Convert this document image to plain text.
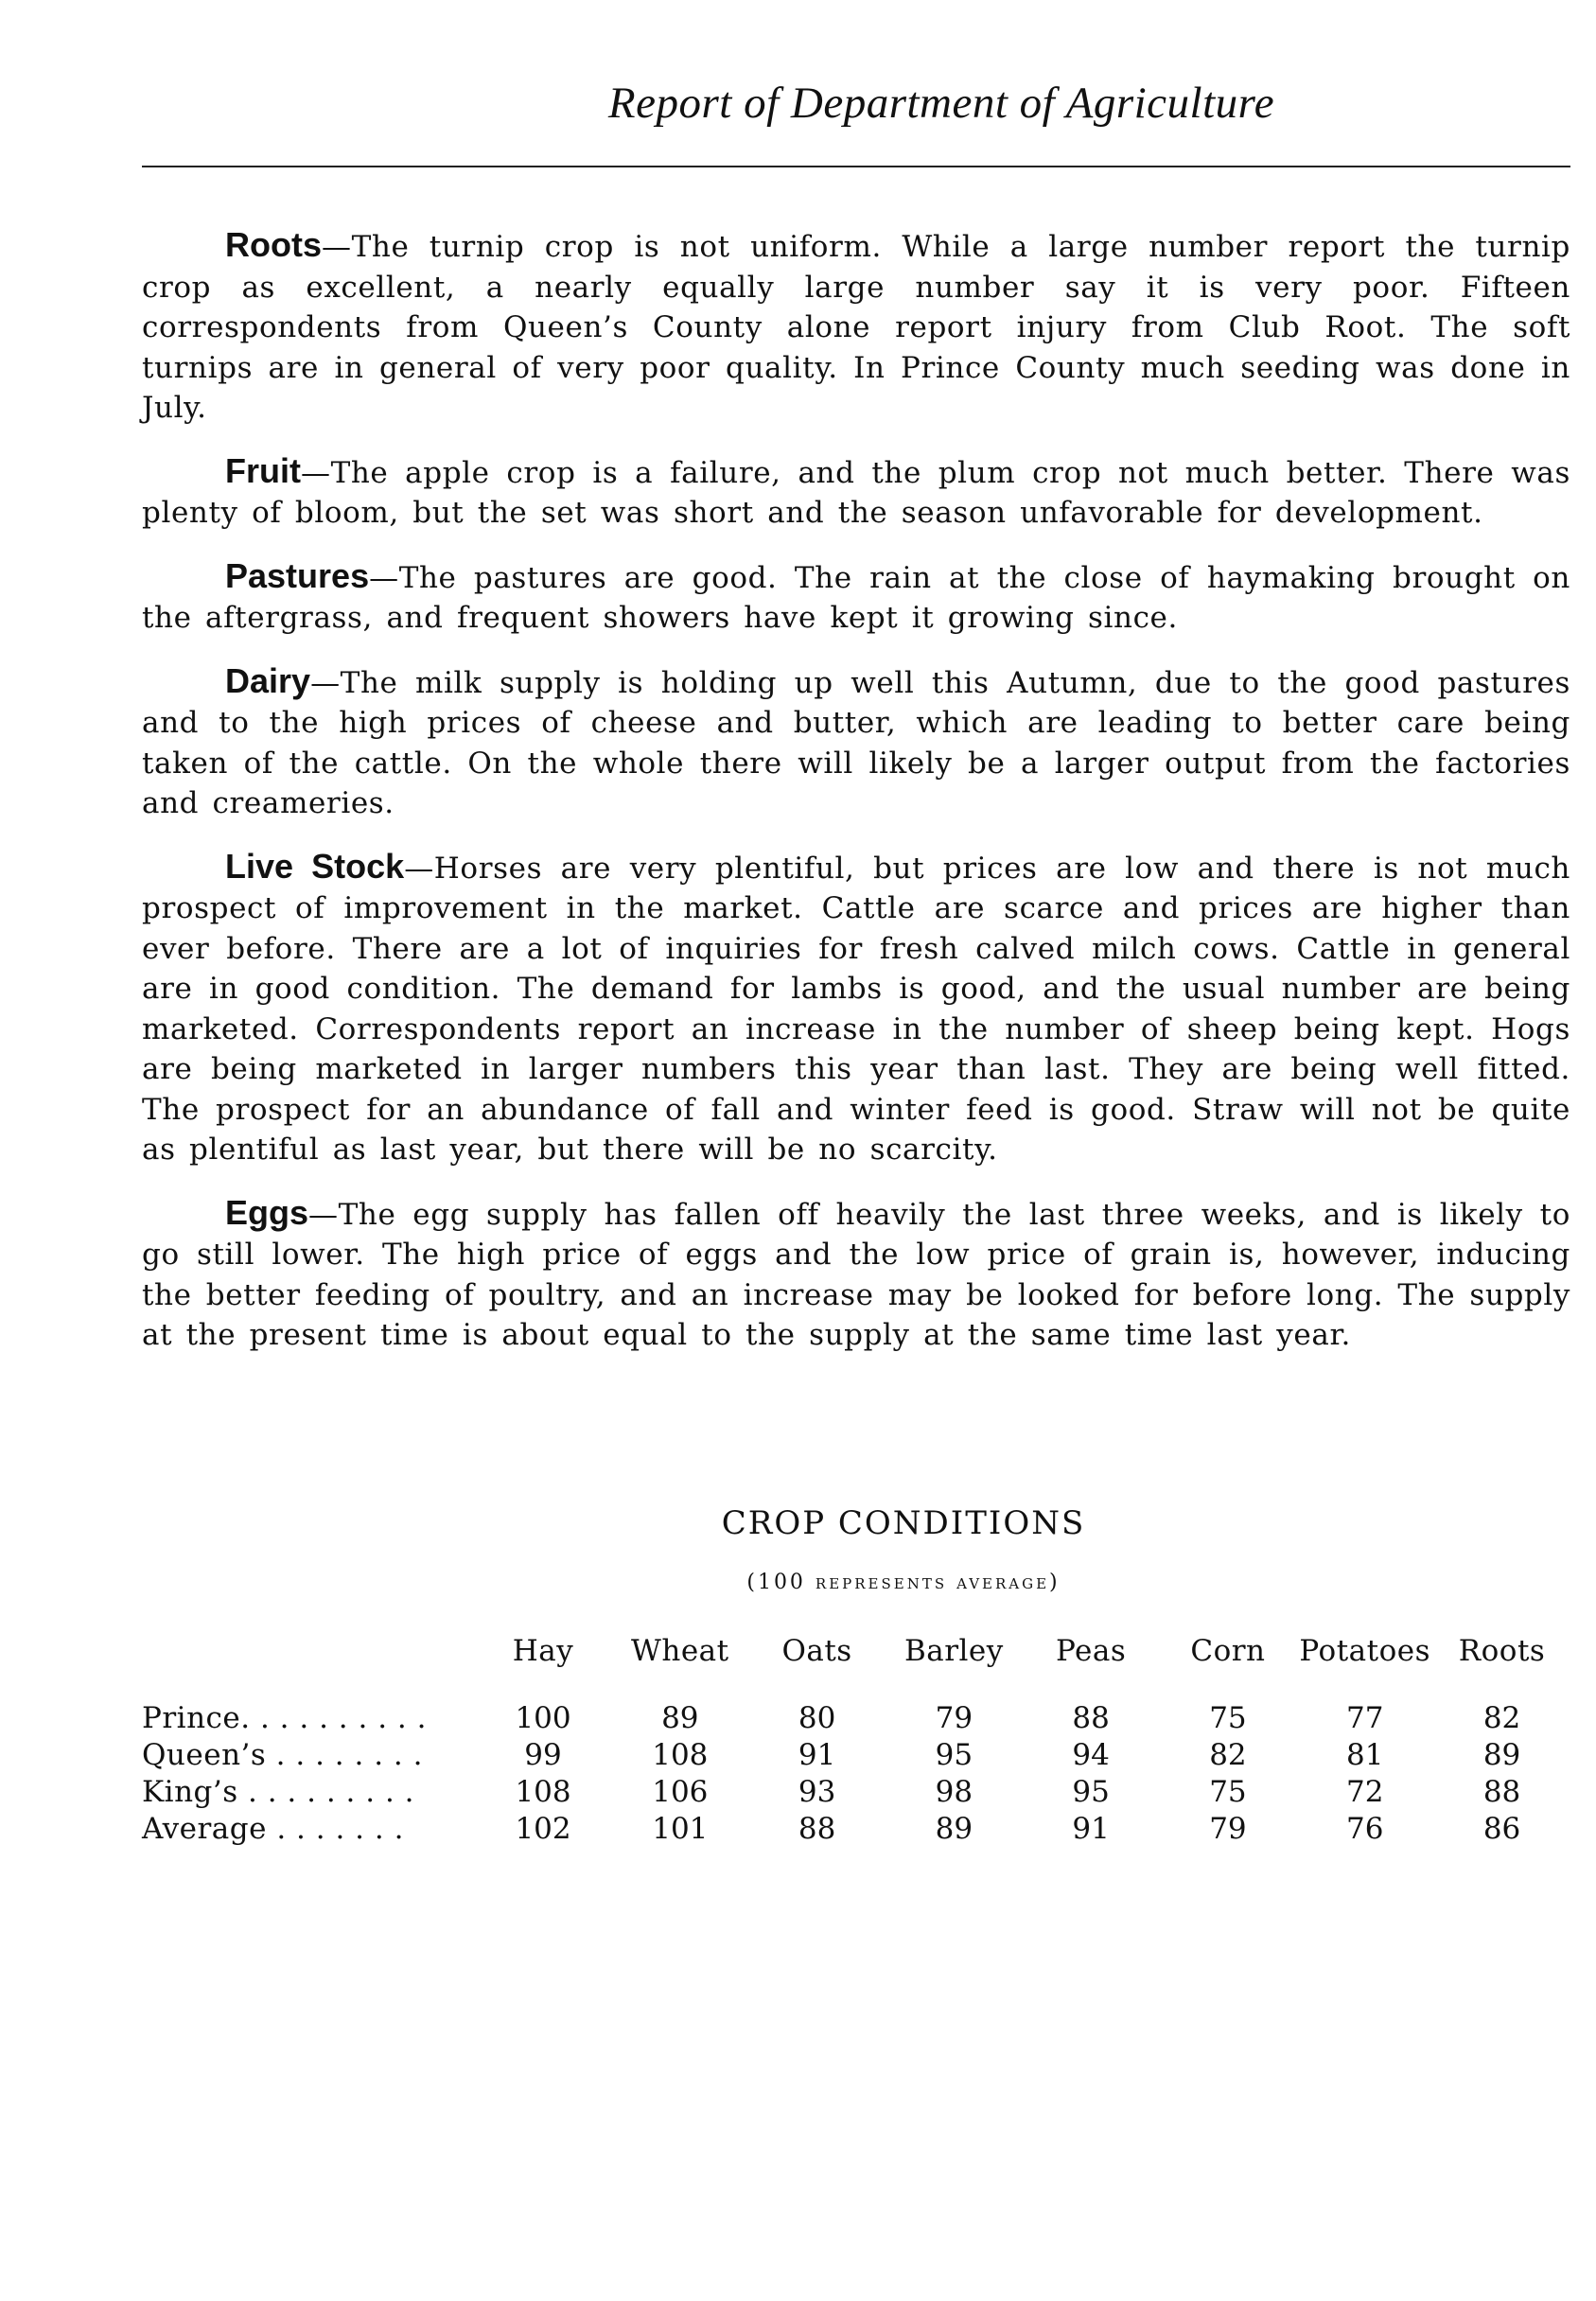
Report of Department of Agriculture

Roots—The turnip crop is not uniform. While a large number report the turnip crop as excellent, a nearly equally large number say it is very poor. Fifteen correspondents from Queen’s County alone report injury from Club Root. The soft turnips are in general of very poor quality. In Prince County much seeding was done in July.

Fruit—The apple crop is a failure, and the plum crop not much better. There was plenty of bloom, but the set was short and the season unfavorable for development.

Pastures—The pastures are good. The rain at the close of haymaking brought on the aftergrass, and frequent showers have kept it growing since.

Dairy—The milk supply is holding up well this Autumn, due to the good pastures and to the high prices of cheese and butter, which are leading to better care being taken of the cattle. On the whole there will likely be a larger output from the factories and creameries.

Live Stock—Horses are very plentiful, but prices are low and there is not much prospect of improvement in the market. Cattle are scarce and prices are higher than ever before. There are a lot of inquiries for fresh calved milch cows. Cattle in general are in good condition. The demand for lambs is good, and the usual number are being marketed. Correspondents report an increase in the number of sheep being kept. Hogs are being marketed in larger numbers this year than last. They are being well fitted. The prospect for an abundance of fall and winter feed is good. Straw will not be quite as plentiful as last year, but there will be no scarcity.

Eggs—The egg supply has fallen off heavily the last three weeks, and is likely to go still lower. The high price of eggs and the low price of grain is, however, inducing the better feeding of poultry, and an increase may be looked for before long. The supply at the present time is about equal to the supply at the same time last year.

CROP CONDITIONS
(100 represents average)
	Hay	Wheat	Oats	Barley	Peas	Corn	Potatoes	Roots
Prince. . . . . . . . . .	100	89	80	79	88	75	77	82
Queen’s . . . . . . . .	99	108	91	95	94	82	81	89
King’s . . . . . . . . .	108	106	93	98	95	75	72	88
Average . . . . . . .	102	101	88	89	91	79	76	86
